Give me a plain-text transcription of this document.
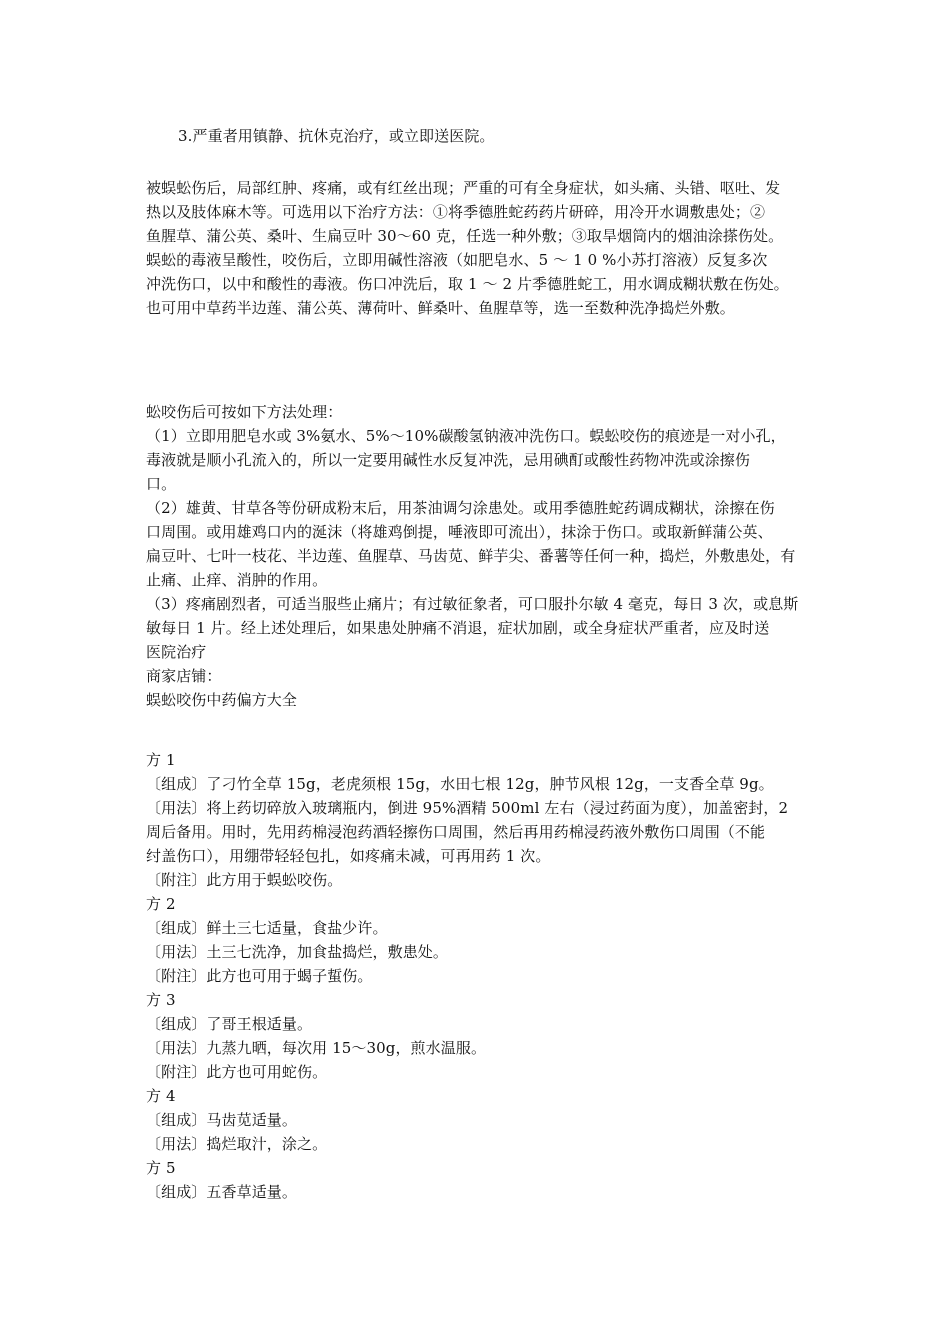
3.严重者用镇静、抗休克治疗，或立即送医院。
被蜈蚣伤后，局部红肿、疼痛，或有红丝出现；严重的可有全身症状，如头痛、头错、呕吐、发
热以及肢体麻木等。可选用以下治疗方法：①将季德胜蛇药药片研碎，用冷开水调敷患处；②
鱼腥草、蒲公英、桑叶、生扁豆叶 30～60 克，任选一种外敷；③取旱烟筒内的烟油涂搽伤处。
蜈蚣的毒液呈酸性，咬伤后，立即用碱性溶液（如肥皂水、5 ～ 1 0 %小苏打溶液）反复多次
冲洗伤口，以中和酸性的毒液。伤口冲洗后，取 1 ～ 2 片季德胜蛇工，用水调成糊状敷在伤处。
也可用中草药半边莲、蒲公英、薄荷叶、鲜桑叶、鱼腥草等，选一至数种洗净捣烂外敷。
蚣咬伤后可按如下方法处理：
（1）立即用肥皂水或 3%氨水、5%～10%碳酸氢钠液冲洗伤口。蜈蚣咬伤的痕迹是一对小孔，
毒液就是顺小孔流入的，所以一定要用碱性水反复冲洗，忌用碘酊或酸性药物冲洗或涂擦伤
口。
（2）雄黄、甘草各等份研成粉末后，用茶油调匀涂患处。或用季德胜蛇药调成糊状，涂擦在伤
口周围。或用雄鸡口内的涎沫（将雄鸡倒提，唾液即可流出），抹涂于伤口。或取新鲜蒲公英、
扁豆叶、七叶一枝花、半边莲、鱼腥草、马齿苋、鲜芋尖、番薯等任何一种，捣烂，外敷患处，有
止痛、止痒、消肿的作用。
（3）疼痛剧烈者，可适当服些止痛片；有过敏征象者，可口服扑尔敏 4 毫克，每日 3 次，或息斯
敏每日 1 片。经上述处理后，如果患处肿痛不消退，症状加剧，或全身症状严重者，应及时送
医院治疗
商家店铺：
蜈蚣咬伤中药偏方大全
方 1
〔组成〕了刁竹全草 15g，老虎须根 15g，水田七根 12g，肿节风根 12g，一支香全草 9g。
〔用法〕将上药切碎放入玻璃瓶内，倒进 95%酒精 500ml 左右（浸过药面为度），加盖密封，2
周后备用。用时，先用药棉浸泡药酒轻擦伤口周围，然后再用药棉浸药液外敷伤口周围（不能
纣盖伤口），用绷带轻轻包扎，如疼痛未减，可再用药 1 次。
〔附注〕此方用于蜈蚣咬伤。
方 2
〔组成〕鲜土三七适量，食盐少许。
〔用法〕土三七洗净，加食盐捣烂，敷患处。
〔附注〕此方也可用于蝎子蜇伤。
方 3
〔组成〕了哥王根适量。
〔用法〕九蒸九晒，每次用 15～30g，煎水温服。
〔附注〕此方也可用蛇伤。
方 4
〔组成〕马齿苋适量。
〔用法〕捣烂取汁，涂之。
方 5
〔组成〕五香草适量。
